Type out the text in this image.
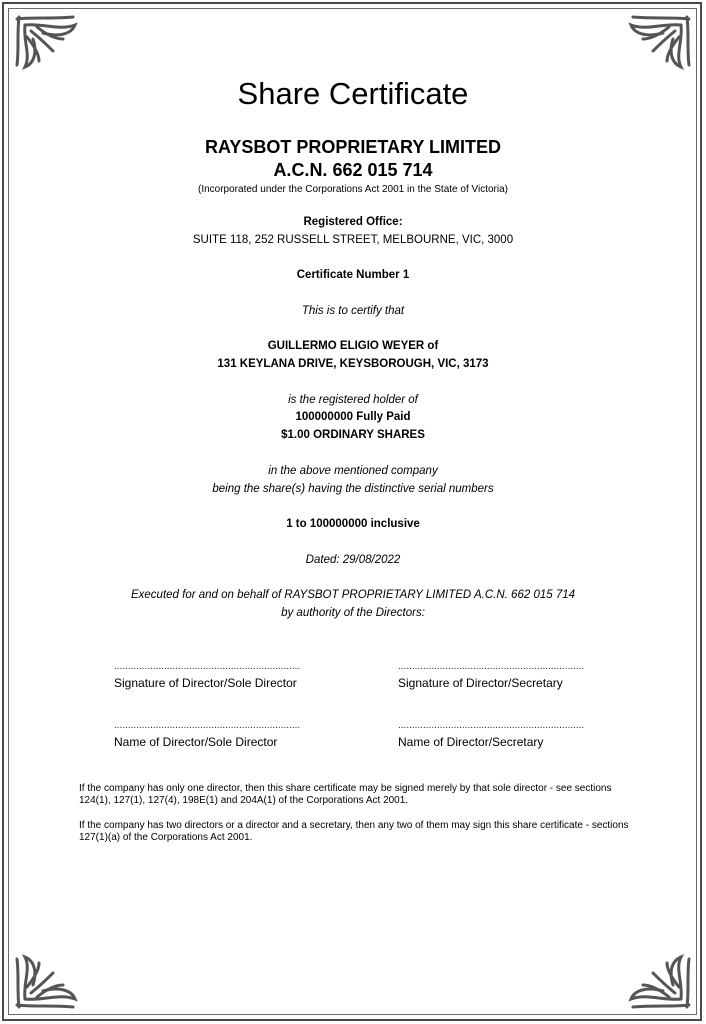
Share Certificate
RAYSBOT PROPRIETARY LIMITED
A.C.N. 662 015 714
(Incorporated under the Corporations Act 2001 in the State of Victoria)
Registered Office:
SUITE 118, 252 RUSSELL STREET, MELBOURNE, VIC, 3000
Certificate Number 1
This is to certify that
GUILLERMO ELIGIO WEYER of
131 KEYLANA DRIVE, KEYSBOROUGH, VIC, 3173
is the registered holder of
100000000 Fully Paid
$1.00 ORDINARY SHARES
in the above mentioned company
being the share(s) having the distinctive serial numbers
1 to 100000000 inclusive
Dated: 29/08/2022
Executed for and on behalf of RAYSBOT PROPRIETARY LIMITED A.C.N. 662 015 714
by authority of the Directors:
...................................................................
Signature of Director/Sole Director
...................................................................
Signature of Director/Secretary
...................................................................
Name of Director/Sole Director
...................................................................
Name of Director/Secretary
If the company has only one director, then this share certificate may be signed merely by that sole director - see sections 124(1), 127(1), 127(4), 198E(1) and 204A(1) of the Corporations Act 2001.
If the company has two directors or a director and a secretary, then any two of them may sign this share certificate - sections 127(1)(a) of the Corporations Act 2001.
